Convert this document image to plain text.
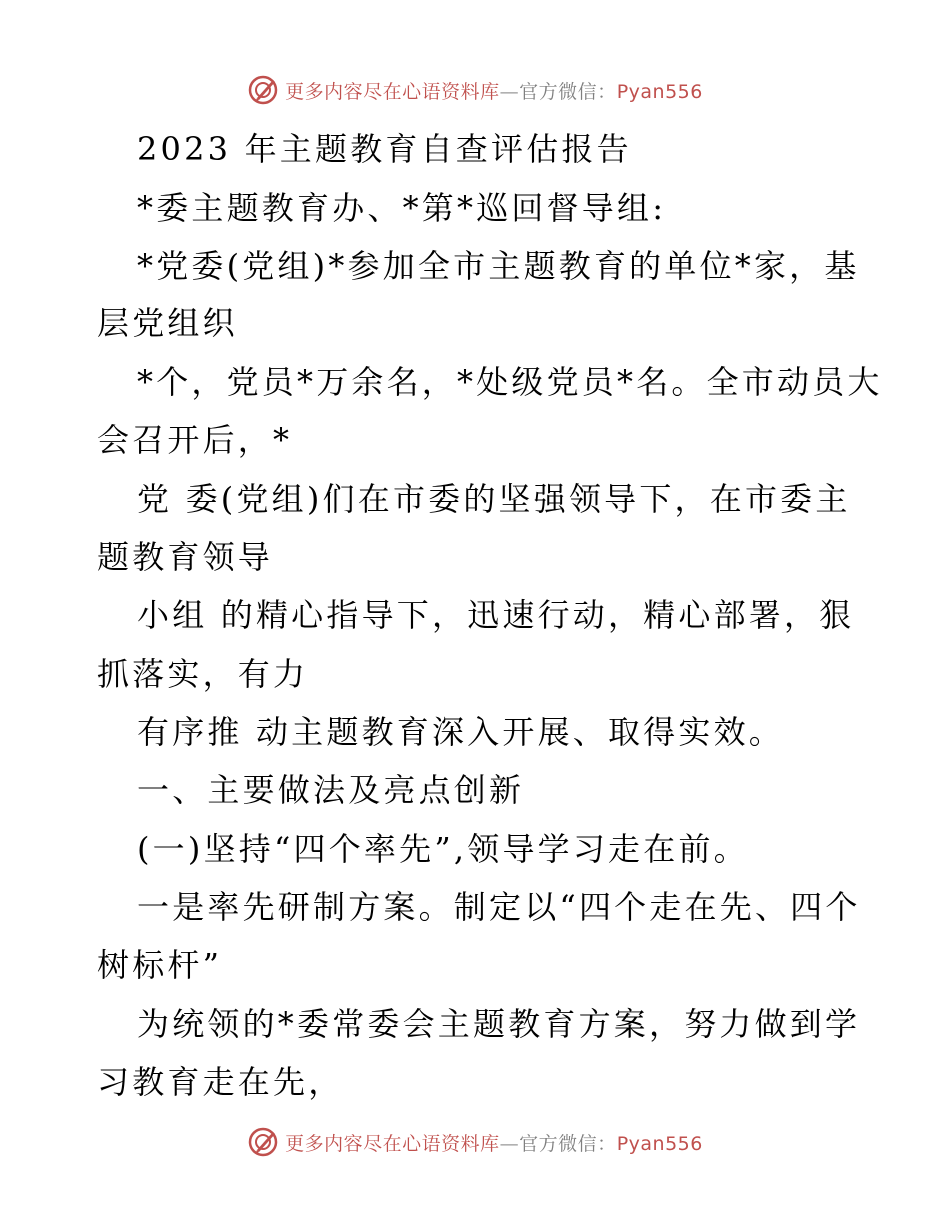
更多内容尽在心语资料库—官方微信：Pyan556
2023 年主题教育自查评估报告
*委主题教育办、*第*巡回督导组:
*党委(党组)*参加全市主题教育的单位*家，基
层党组织
*个，党员*万余名，*处级党员*名。全市动员大
会召开后，*
党 委(党组)们在市委的坚强领导下，在市委主
题教育领导
小组 的精心指导下，迅速行动，精心部署，狠
抓落实，有力
有序推 动主题教育深入开展、取得实效。
一、主要做法及亮点创新
(一)坚持“四个率先”,领导学习走在前。
一是率先研制方案。制定以“四个走在先、四个
树标杆”
为统领的*委常委会主题教育方案，努力做到学
习教育走在先，
更多内容尽在心语资料库—官方微信：Pyan556
